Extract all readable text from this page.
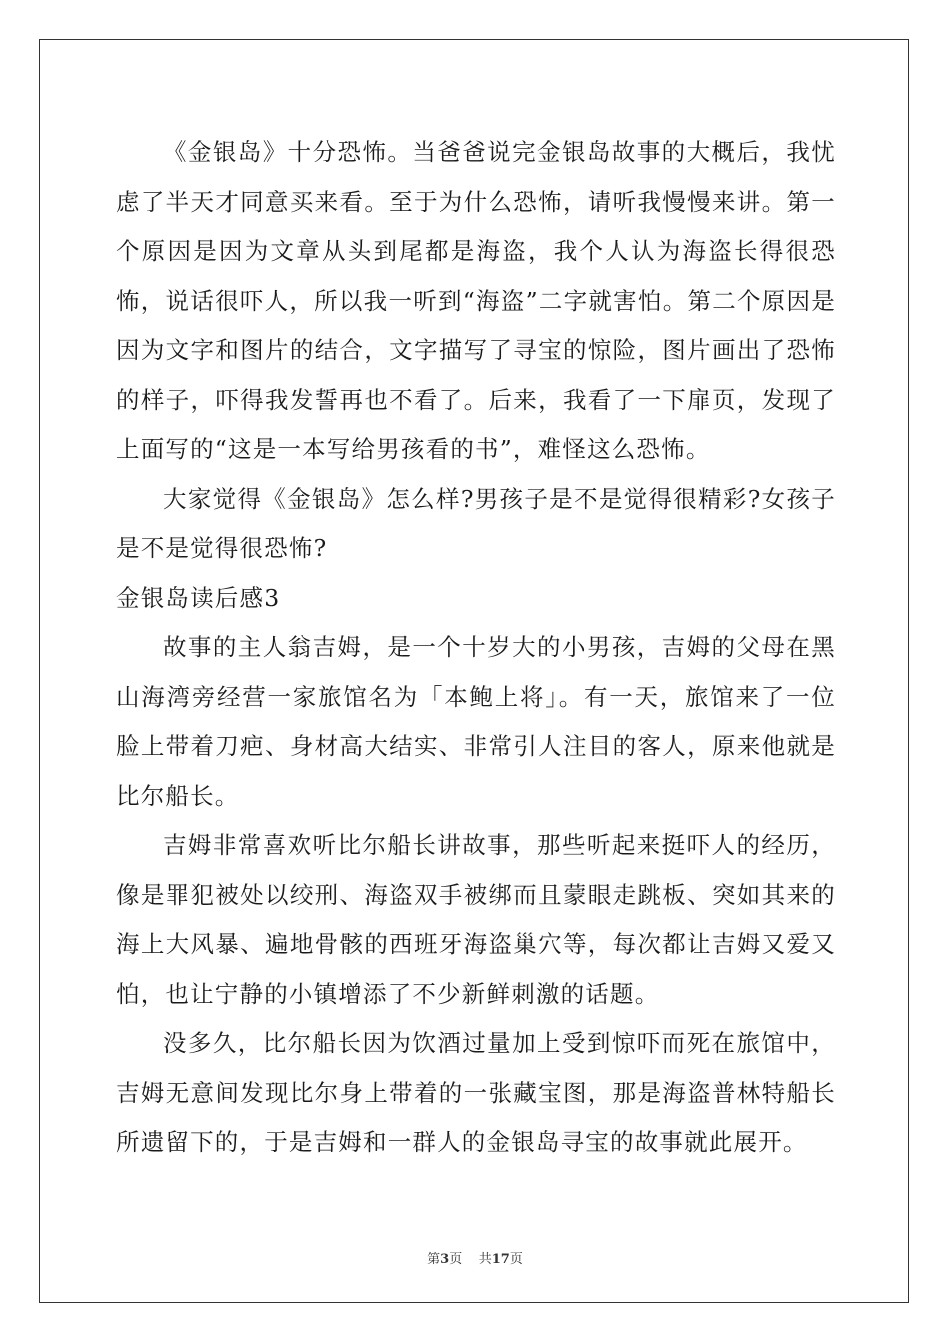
《金银岛》十分恐怖。当爸爸说完金银岛故事的大概后，我忧虑了半天才同意买来看。至于为什么恐怖，请听我慢慢来讲。第一个原因是因为文章从头到尾都是海盗，我个人认为海盗长得很恐怖，说话很吓人，所以我一听到“海盗”二字就害怕。第二个原因是因为文字和图片的结合，文字描写了寻宝的惊险，图片画出了恐怖的样子，吓得我发誓再也不看了。后来，我看了一下扉页，发现了上面写的“这是一本写给男孩看的书”，难怪这么恐怖。

大家觉得《金银岛》怎么样?男孩子是不是觉得很精彩?女孩子是不是觉得很恐怖?

金银岛读后感3

故事的主人翁吉姆，是一个十岁大的小男孩，吉姆的父母在黑山海湾旁经营一家旅馆名为「本鲍上将」。有一天，旅馆来了一位脸上带着刀疤、身材高大结实、非常引人注目的客人，原来他就是比尔船长。

吉姆非常喜欢听比尔船长讲故事，那些听起来挺吓人的经历，像是罪犯被处以绞刑、海盗双手被绑而且蒙眼走跳板、突如其来的海上大风暴、遍地骨骸的西班牙海盗巢穴等，每次都让吉姆又爱又怕，也让宁静的小镇增添了不少新鲜刺激的话题。

没多久，比尔船长因为饮酒过量加上受到惊吓而死在旅馆中，吉姆无意间发现比尔身上带着的一张藏宝图，那是海盗普林特船长所遗留下的，于是吉姆和一群人的金银岛寻宝的故事就此展开。

第3页 共17页
